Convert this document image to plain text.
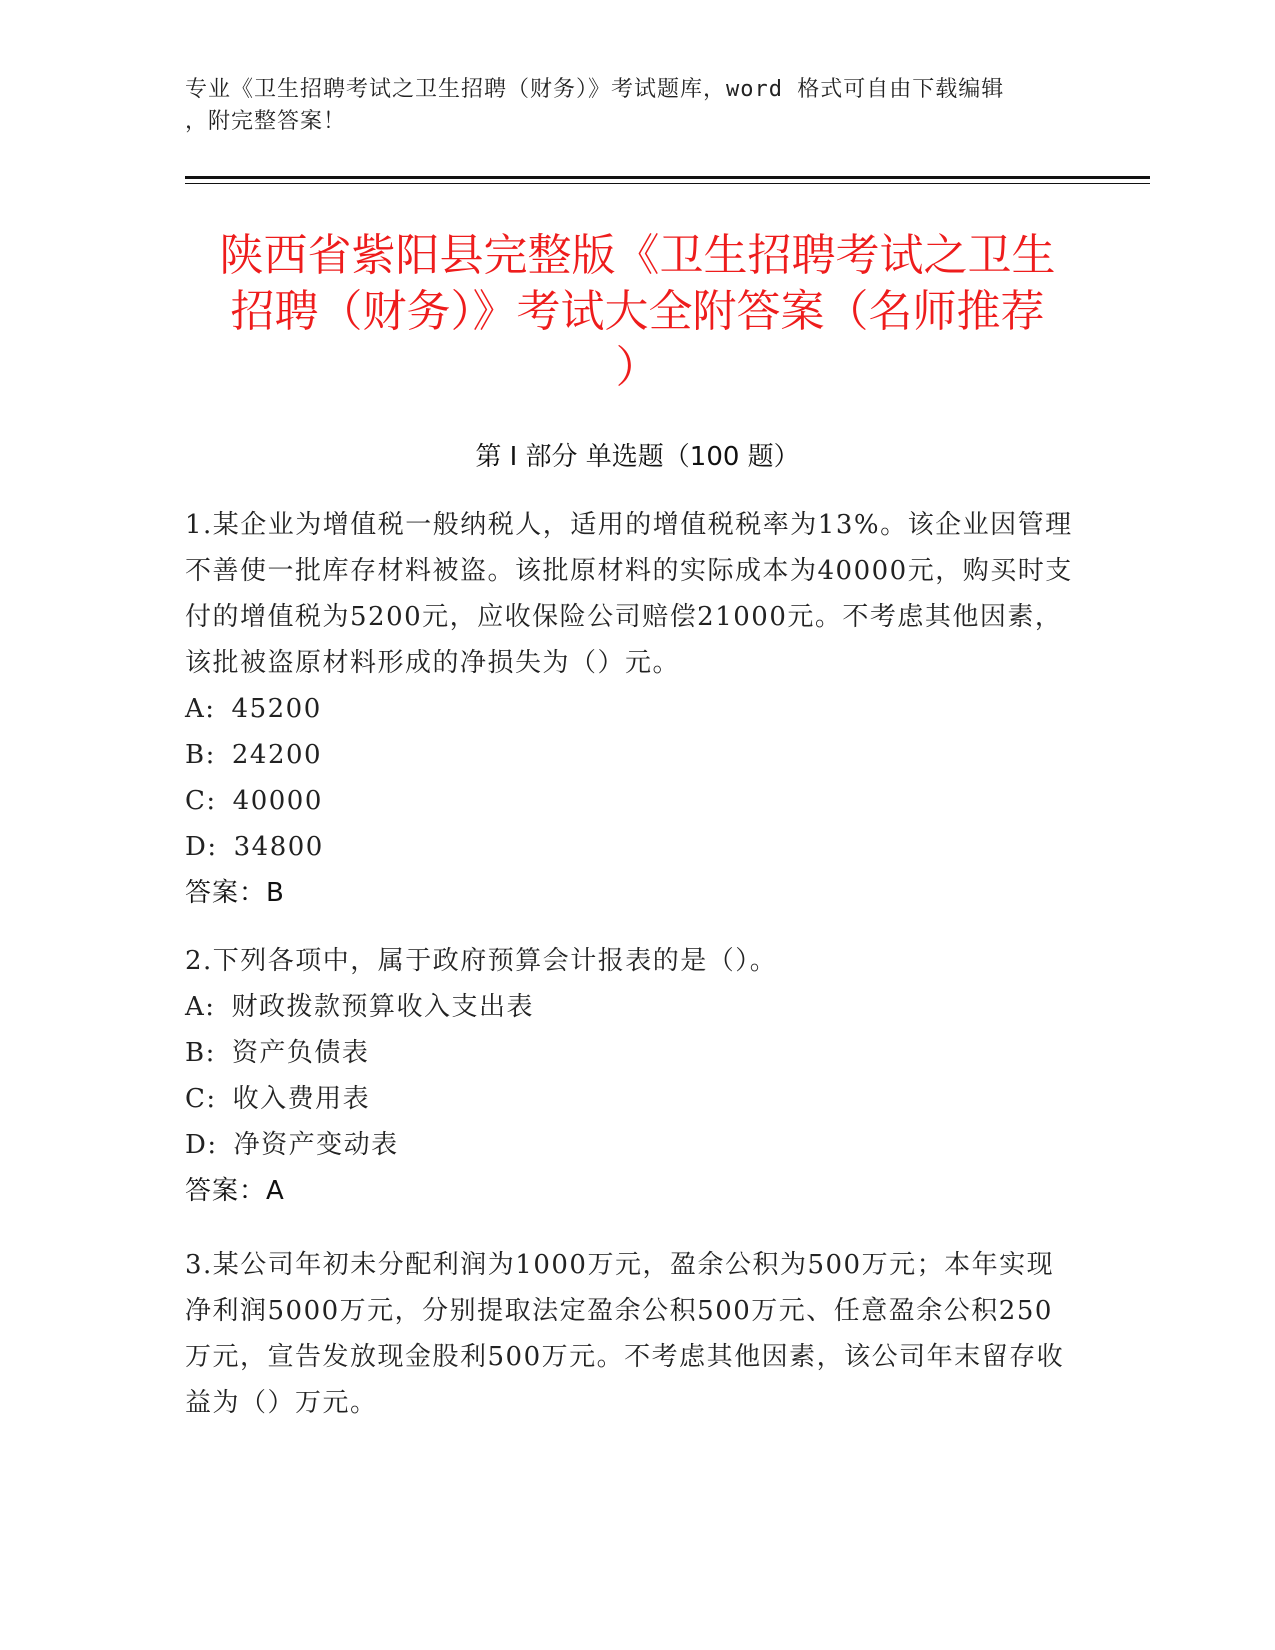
专业《卫生招聘考试之卫生招聘（财务）》考试题库，word 格式可自由下载编辑
，附完整答案！
陕西省紫阳县完整版《卫生招聘考试之卫生
招聘（财务）》考试大全附答案（名师推荐
）
第 I 部分 单选题（100 题）

1.某企业为增值税一般纳税人，适用的增值税税率为13%。该企业因管理不善使一批库存材料被盗。该批原材料的实际成本为40000元，购买时支付的增值税为5200元，应收保险公司赔偿21000元。不考虑其他因素，该批被盗原材料形成的净损失为（）元。

A: 45200

B: 24200

C: 40000

D: 34800

答案：B

2.下列各项中，属于政府预算会计报表的是（）。

A: 财政拨款预算收入支出表

B: 资产负债表

C: 收入费用表

D: 净资产变动表

答案：A

3.某公司年初未分配利润为1000万元，盈余公积为500万元；本年实现净利润5000万元，分别提取法定盈余公积500万元、任意盈余公积250万元，宣告发放现金股利500万元。不考虑其他因素，该公司年末留存收益为（）万元。
